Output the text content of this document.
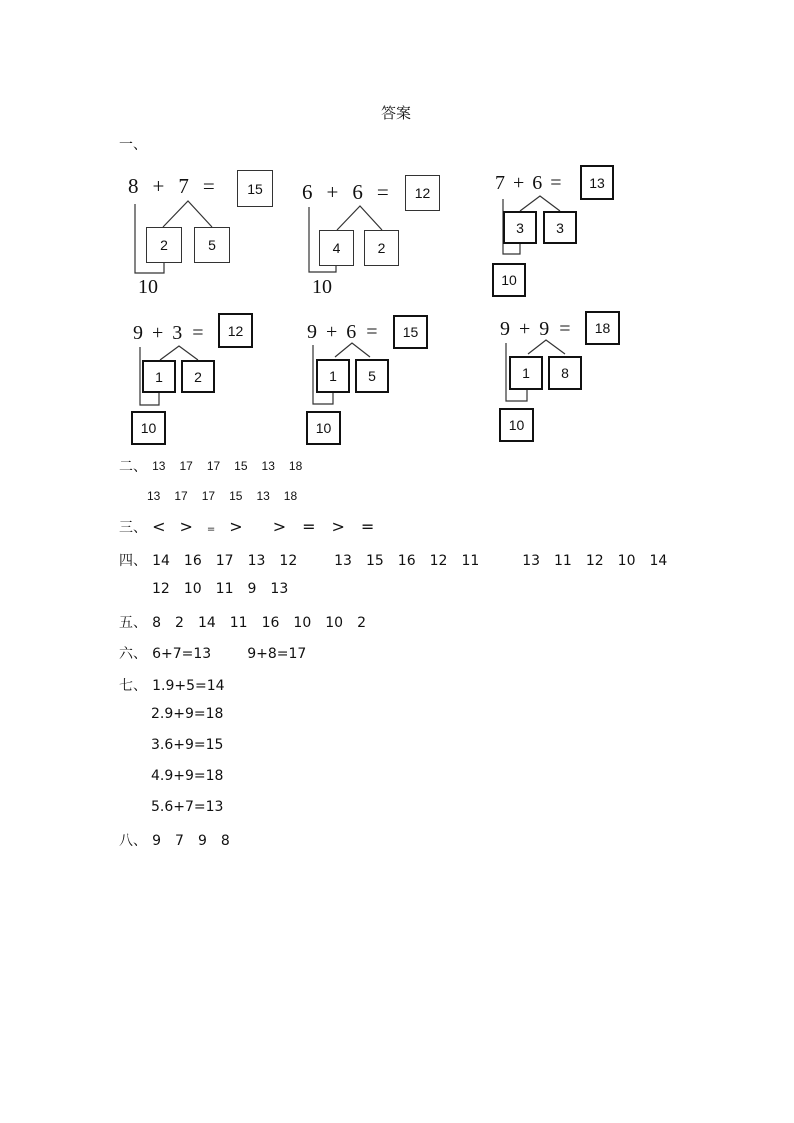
答案
一、
8 + 7 =	15
2	5
10
6 + 6 =	12
4	2
10
7 + 6 =	13
3	3
10
9 + 3 =	12
1	2
10
9 + 6 =	15
1	5
10
9 + 9 =	18
1	8
10
二、 13 17 17 15 13 18
13 17 17 15 13 18
三、 < > = > > = > =
四、 14 16 17 13 12	13 15 16 12 11	13 11 12 10 14
12 10 11 9 13
五、 8 2 14 11 16 10 10 2
六、 6+7=13	9+8=17
七、 1.9+5=14
2.9+9=18
3.6+9=15
4.9+9=18
5.6+7=13
八、 9 7 9 8
